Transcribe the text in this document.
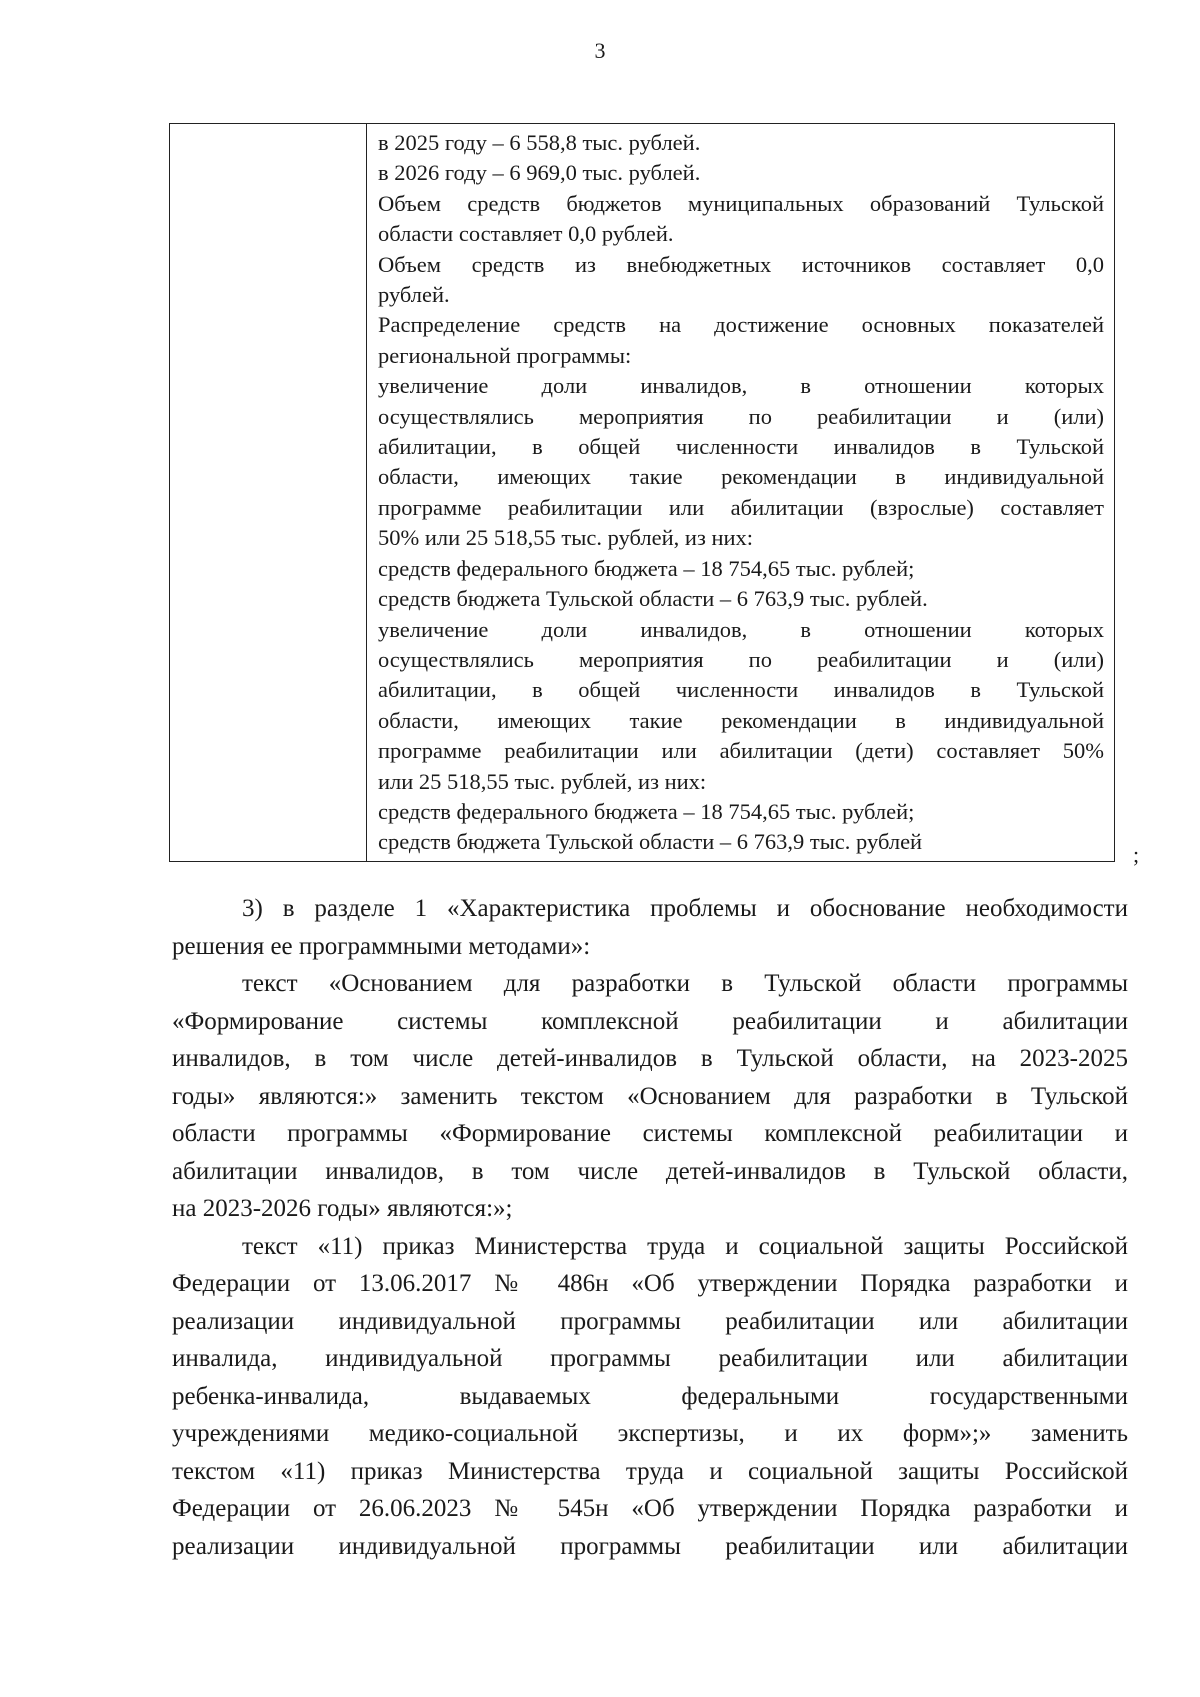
3
в 2025 году – 6 558,8 тыс. рублей.
в 2026 году – 6 969,0 тыс. рублей.
Объем средств бюджетов муниципальных образований Тульской
области составляет 0,0 рублей.
Объем средств из внебюджетных источников составляет 0,0
рублей.
Распределение средств на достижение основных показателей
региональной программы:
увеличение доли инвалидов, в отношении которых
осуществлялись мероприятия по реабилитации и (или)
абилитации, в общей численности инвалидов в Тульской
области, имеющих такие рекомендации в индивидуальной
программе реабилитации или абилитации (взрослые) составляет
50% или 25 518,55 тыс. рублей, из них:
средств федерального бюджета – 18 754,65 тыс. рублей;
средств бюджета Тульской области – 6 763,9 тыс. рублей.
увеличение доли инвалидов, в отношении которых
осуществлялись мероприятия по реабилитации и (или)
абилитации, в общей численности инвалидов в Тульской
области, имеющих такие рекомендации в индивидуальной
программе реабилитации или абилитации (дети) составляет 50%
или 25 518,55 тыс. рублей, из них:
средств федерального бюджета – 18 754,65 тыс. рублей;
средств бюджета Тульской области – 6 763,9 тыс. рублей
;
3) в разделе 1 «Характеристика проблемы и обоснование необходимости
решения ее программными методами»:
текст «Основанием для разработки в Тульской области программы
«Формирование системы комплексной реабилитации и абилитации
инвалидов, в том числе детей-инвалидов в Тульской области, на 2023-2025
годы» являются:» заменить текстом «Основанием для разработки в Тульской
области программы «Формирование системы комплексной реабилитации и
абилитации инвалидов, в том числе детей-инвалидов в Тульской области,
на 2023-2026 годы» являются:»;
текст «11) приказ Министерства труда и социальной защиты Российской
Федерации от 13.06.2017 № 486н «Об утверждении Порядка разработки и
реализации индивидуальной программы реабилитации или абилитации
инвалида, индивидуальной программы реабилитации или абилитации
ребенка-инвалида, выдаваемых федеральными государственными
учреждениями медико-социальной экспертизы, и их форм»;» заменить
текстом «11) приказ Министерства труда и социальной защиты Российской
Федерации от 26.06.2023 № 545н «Об утверждении Порядка разработки и
реализации индивидуальной программы реабилитации или абилитации
